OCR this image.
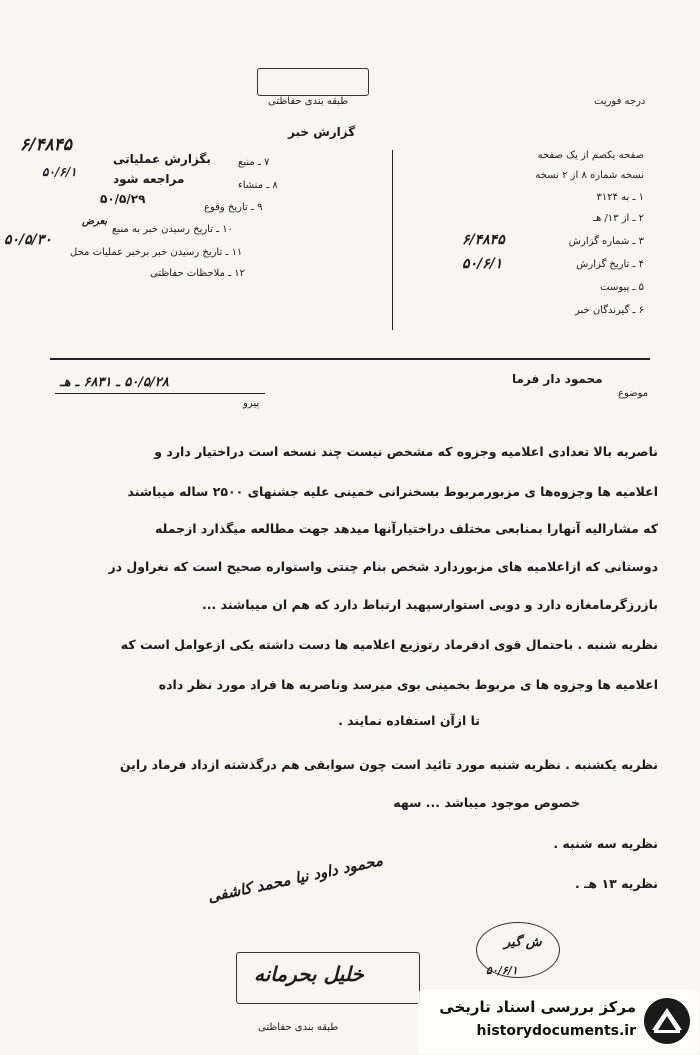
طبقه بندی حفاظتی	درجه فوریت
گزارش خبر
صفحه یکصم از یک صفحه
نسخه شماره ۸ از ۲ نسخه
۱ ـ به ۳۱۲۴
۲ ـ از ۱۳/ هـ
۳ ـ شماره گزارش
۶/۴۸۴۵
۴ ـ تاریخ گزارش
۵۰/۶/۱
۵ ـ پیوست
۶ ـ گیرندگان خبر
۶/۴۸۴۵
۷ ـ منبع
بگزارش عملیاتی
۸ ـ منشاء
۵۰/۶/۱	مراجعه شود
۹ ـ تاریخ وقوع
۵۰/۵/۲۹
۱۰ ـ تاریخ رسیدن خبر به منبع
بعرض
۱۱ ـ تاریخ رسیدن خبر برخبر عملیات محل
۵۰/۵/۳۰
۱۲ ـ ملاحظات حفاظتی
موضوع
محمود دار فرما
۵۰/۵/۲۸ ـ ۶۸۳۱ ـ هـ
پیرو
ناصربه بالا تعدادی اعلامیه وجزوه که مشخص نیست چند نسخه است دراختیار دارد و
اعلامیه ها وجزوه‌ها ی مزبورمربوط بسخنرانی خمینی علیه جشنهای ۲۵۰۰ ساله میباشند
که مشارالیه آنهارا بمنابعی مختلف دراختیارآنها میدهد جهت مطالعه میگذارد ازجمله
دوستانی که ازاعلامیه های مزبوردارد شخص بنام چنتی واستواره صحیح است که نغراول در
بازرزگرمامغازه دارد و دوبی استوارسپهبد ارتباط دارد که هم ان میباشند ...
نظریه شنبه . باحتمال قوی ادفرماد رتوزیع اعلامیه ها دست داشته یکی ازعوامل است که
اعلامیه ها وجزوه ها ی مربوط بخمینی بوی میرسد وناصربه ها فراد مورد نظر داده
تا ازآن استفاده نمایند .
نظریه یکشنبه . نظریه شنبه مورد تائید است چون سوابقی هم درگذشته ازداد فرماد راین
خصوص موجود میباشد ... سهه
نظریه سه شنبه .
نظریه ۱۳ هـ .
محمود داود نیا محمد کاشفی
ش گیر
۵۰/۶/۱
خلیل بحرمانه
طبقه بندی حفاظتی
مرکز بررسی اسناد تاریخی
historydocuments.ir
